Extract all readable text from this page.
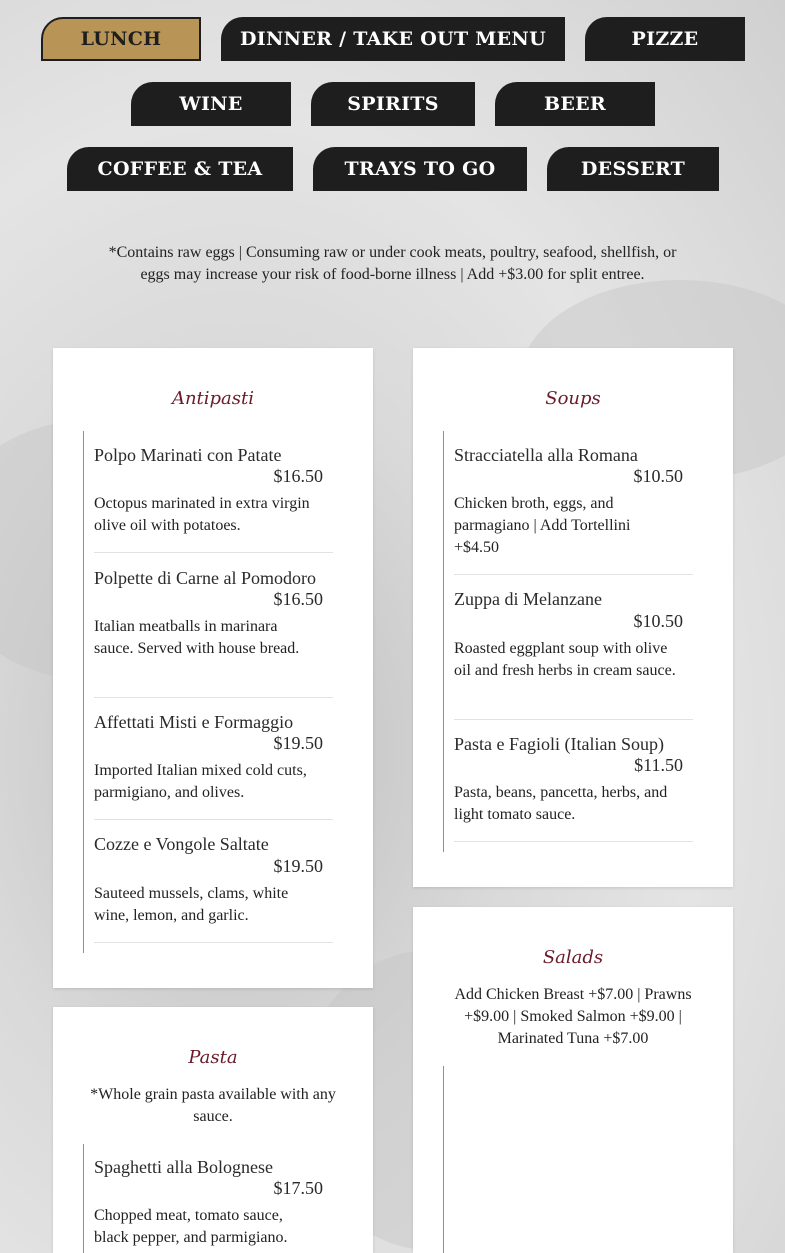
LUNCH	DINNER / TAKE OUT MENU	PIZZE
WINE	SPIRITS	BEER
COFFEE & TEA	TRAYS TO GO	DESSERT
*Contains raw eggs | Consuming raw or under cook meats, poultry, seafood, shellfish, or eggs may increase your risk of food-borne illness | Add +$3.00 for split entree.
Antipasti
Polpo Marinati con Patate
$16.50
Octopus marinated in extra virgin olive oil with potatoes.
Polpette di Carne al Pomodoro
$16.50
Italian meatballs in marinara sauce. Served with house bread.
Affettati Misti e Formaggio
$19.50
Imported Italian mixed cold cuts, parmigiano, and olives.
Cozze e Vongole Saltate
$19.50
Sauteed mussels, clams, white wine, lemon, and garlic.
Soups
Stracciatella alla Romana
$10.50
Chicken broth, eggs, and parmagiano | Add Tortellini +$4.50
Zuppa di Melanzane
$10.50
Roasted eggplant soup with olive oil and fresh herbs in cream sauce.
Pasta e Fagioli (Italian Soup)
$11.50
Pasta, beans, pancetta, herbs, and light tomato sauce.
Salads
Add Chicken Breast +$7.00 | Prawns +$9.00 | Smoked Salmon +$9.00 | Marinated Tuna +$7.00
Pasta
*Whole grain pasta available with any sauce.
Spaghetti alla Bolognese
$17.50
Chopped meat, tomato sauce, black pepper, and parmigiano.
